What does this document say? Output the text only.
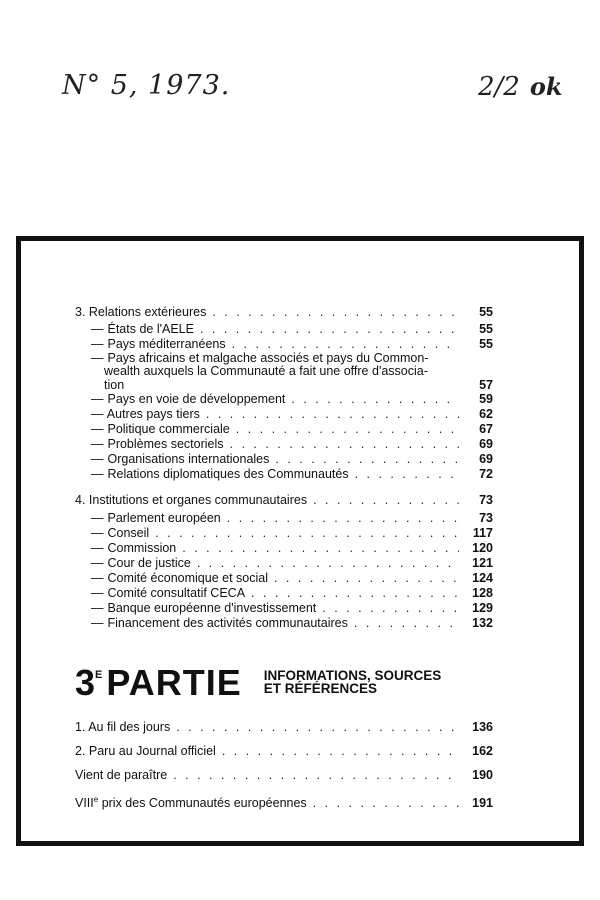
N° 5, 1973.	2/2 ok
3. Relations extérieures . . .	55
— États de l'AELE . . .	55
— Pays méditerranéens . . .	55
— Pays africains et malgache associés et pays du Common-
wealth auxquels la Communauté a fait une offre d'associa-
tion	57
— Pays en voie de développement . . .	59
— Autres pays tiers . . .	62
— Politique commerciale . . .	67
— Problèmes sectoriels . . .	69
— Organisations internationales . . .	69
— Relations diplomatiques des Communautés . . .	72
4. Institutions et organes communautaires . . .	73
— Parlement européen . . .	73
— Conseil . . .	117
— Commission . . .	120
— Cour de justice . . .	121
— Comité économique et social . . .	124
— Comité consultatif CECA . . .	128
— Banque européenne d'investissement . . .	129
— Financement des activités communautaires . . .	132
3 E PARTIE INFORMATIONS, SOURCES
ET RÉFÉRENCES
1. Au fil des jours . . .	136
2. Paru au Journal officiel . . .	162
Vient de paraître . . .	190
VIIIe prix des Communautés européennes . . .	191
